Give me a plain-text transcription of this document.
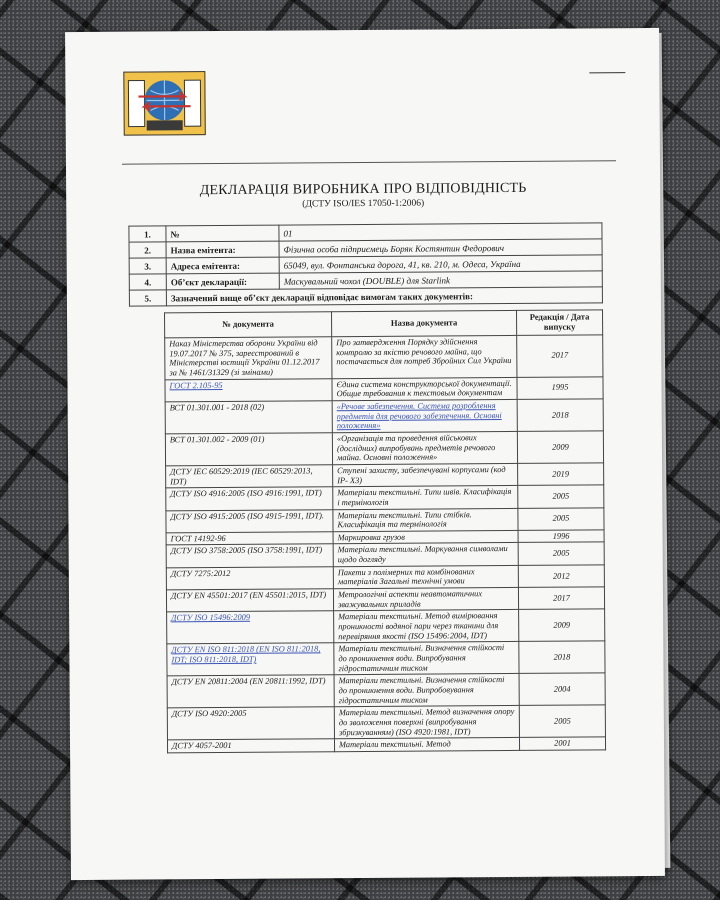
ДЕКЛАРАЦІЯ ВИРОБНИКА ПРО ВІДПОВІДНІСТЬ
(ДСТУ ISO/IES 17050-1:2006)
1.	№	01
2.	Назва емітента:	Фізична особа підприємець Боряк Костянтин Федорович
3.	Адреса емітента:	65049, вул. Фонтанська дорога, 41, кв. 210, м. Одеса, Україна
4.	Об’єкт декларації:	Маскувальний чохол (DOUBLE) для Starlink
5.	Зазначений вище об’єкт декларації відповідає вимогам таких документів:	
№ документа	Назва документа	Редакція / Дата випуску
Наказ Міністерства оборони України від 19.07.2017 № 375, зареєстрований в Міністерстві юстиції України 01.12.2017 за № 1461/31329 (зі змінами)	Про затвердження Порядку здійснення контролю за якістю речового майна, що постачається для потреб Збройних Сил України	2017
ГОСТ 2.105-95	Єдина система конструкторської документації. Общие требования к текстовым документам	1995
ВСТ 01.301.001 - 2018 (02)	«Речове забезпечення. Система розроблення предметів для речового забезпечення. Основні положення»	2018
ВСТ 01.301.002 - 2009 (01)	«Організація та проведення військових (дослідних) випробувань предметів речового майна. Основні положення»	2009
ДСТУ IEC 60529:2019 (IEC 60529:2013, IDT)	Ступені захисту, забезпечувані корпусами (код IP- X3)	2019
ДСТУ ISO 4916:2005 (ISO 4916:1991, IDT)	Матеріали текстильні. Типи швів. Класифікація і термінологія	2005
ДСТУ ISO 4915:2005 (ISO 4915-1991, IDT).	Матеріали текстильні. Типи стібків. Класифікація та термінологія	2005
ГОСТ 14192-96	Маркировка грузов	1996
ДСТУ ISO 3758:2005 (ISO 3758:1991, IDT)	Матеріали текстильні. Маркування символами щодо догляду	2005
ДСТУ 7275:2012	Пакети з полімерних та комбінованих матеріалів Загальні технічні умови	2012
ДСТУ EN 45501:2017 (EN 45501:2015, IDT)	Метрологічні аспекти неавтоматичних зважувальних приладів	2017
ДСТУ ISO 15496:2009	Матеріали текстильні. Метод вимірювання проникності водяної пари через тканини для перевіряння якості (ISO 15496:2004, IDT)	2009
ДСТУ EN ISO 811:2018 (EN ISO 811:2018, IDT; ISO 811:2018, IDT)	Матеріали текстильні. Визначення стійкості до проникнення води. Випробування гідростатичним тиском	2018
ДСТУ EN 20811:2004 (EN 20811:1992, IDT)	Матеріали текстильні. Визначення стійкості до проникнення води. Випробовування гідростатичним тиском	2004
ДСТУ ISO 4920:2005	Матеріали текстильні. Метод визначення опору до зволоження поверхні (випробування збризкуванням) (ISO 4920:1981, IDT)	2005
ДСТУ 4057-2001	Матеріали текстильні. Метод	2001
